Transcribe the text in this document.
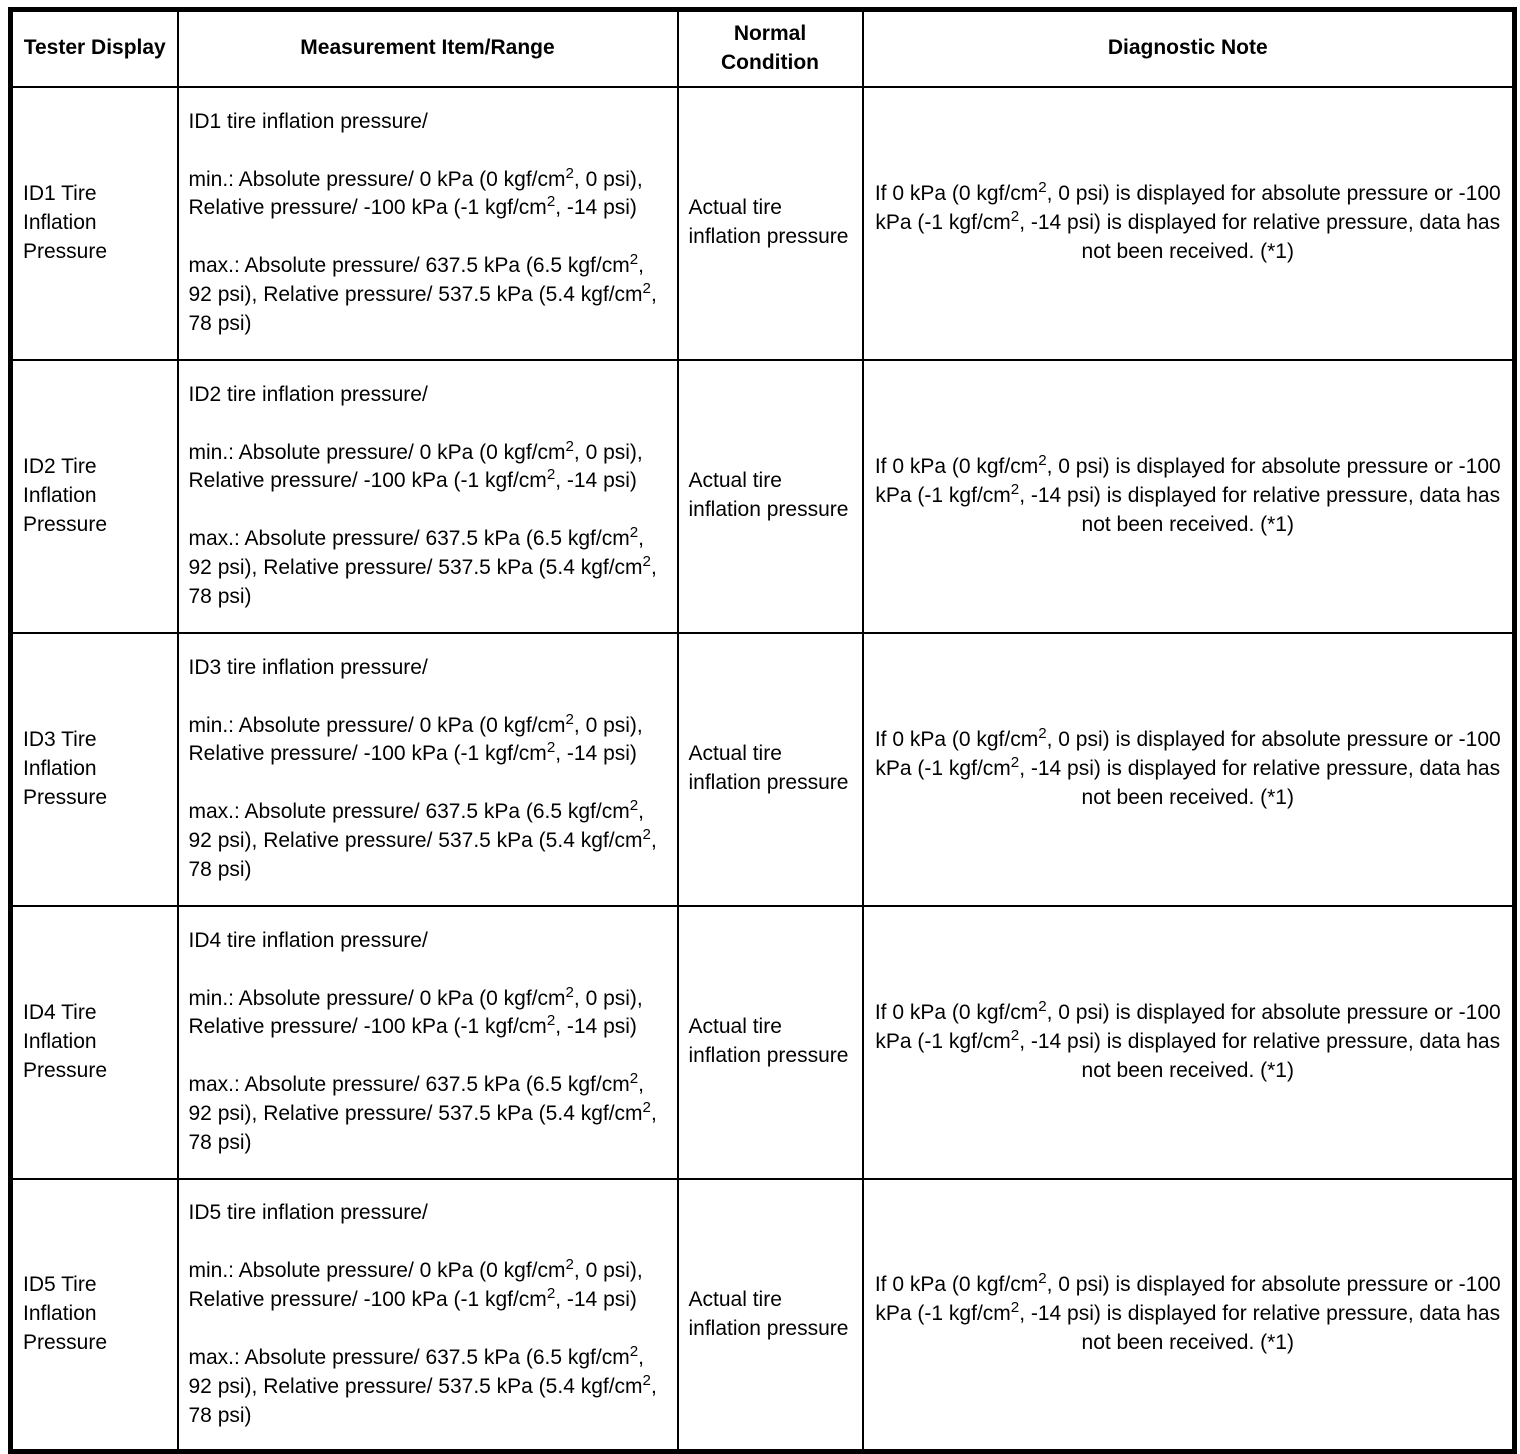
Tester Display	Measurement Item/Range	Normal Condition	Diagnostic Note
ID1 Tire Inflation Pressure	ID1 tire inflation pressure/
min.: Absolute pressure/ 0 kPa (0 kgf/$cm^2$, 0 psi), Relative pressure/ -100 kPa (-1 kgf/$cm^2$, -14 psi)
max.: Absolute pressure/ 637.5 kPa (6.5 kgf/$cm^2$, 92 psi), Relative pressure/ 537.5 kPa (5.4 kgf/$cm^2$, 78 psi)	Actual tire inflation pressure	If 0 kPa (0 kgf/$cm^2$, 0 psi) is displayed for absolute pressure or -100 kPa (-1 kgf/$cm^2$, -14 psi) is displayed for relative pressure, data has not been received. (*1)
ID2 Tire Inflation Pressure	ID2 tire inflation pressure/
min.: Absolute pressure/ 0 kPa (0 kgf/$cm^2$, 0 psi), Relative pressure/ -100 kPa (-1 kgf/$cm^2$, -14 psi)
max.: Absolute pressure/ 637.5 kPa (6.5 kgf/$cm^2$, 92 psi), Relative pressure/ 537.5 kPa (5.4 kgf/$cm^2$, 78 psi)	Actual tire inflation pressure	If 0 kPa (0 kgf/$cm^2$, 0 psi) is displayed for absolute pressure or -100 kPa (-1 kgf/$cm^2$, -14 psi) is displayed for relative pressure, data has not been received. (*1)
ID3 Tire Inflation Pressure	ID3 tire inflation pressure/
min.: Absolute pressure/ 0 kPa (0 kgf/$cm^2$, 0 psi), Relative pressure/ -100 kPa (-1 kgf/$cm^2$, -14 psi)
max.: Absolute pressure/ 637.5 kPa (6.5 kgf/$cm^2$, 92 psi), Relative pressure/ 537.5 kPa (5.4 kgf/$cm^2$, 78 psi)	Actual tire inflation pressure	If 0 kPa (0 kgf/$cm^2$, 0 psi) is displayed for absolute pressure or -100 kPa (-1 kgf/$cm^2$, -14 psi) is displayed for relative pressure, data has not been received. (*1)
ID4 Tire Inflation Pressure	ID4 tire inflation pressure/
min.: Absolute pressure/ 0 kPa (0 kgf/$cm^2$, 0 psi), Relative pressure/ -100 kPa (-1 kgf/$cm^2$, -14 psi)
max.: Absolute pressure/ 637.5 kPa (6.5 kgf/$cm^2$, 92 psi), Relative pressure/ 537.5 kPa (5.4 kgf/$cm^2$, 78 psi)	Actual tire inflation pressure	If 0 kPa (0 kgf/$cm^2$, 0 psi) is displayed for absolute pressure or -100 kPa (-1 kgf/$cm^2$, -14 psi) is displayed for relative pressure, data has not been received. (*1)
ID5 Tire Inflation Pressure	ID5 tire inflation pressure/
min.: Absolute pressure/ 0 kPa (0 kgf/$cm^2$, 0 psi), Relative pressure/ -100 kPa (-1 kgf/$cm^2$, -14 psi)
max.: Absolute pressure/ 637.5 kPa (6.5 kgf/$cm^2$, 92 psi), Relative pressure/ 537.5 kPa (5.4 kgf/$cm^2$, 78 psi)	Actual tire inflation pressure	If 0 kPa (0 kgf/$cm^2$, 0 psi) is displayed for absolute pressure or -100 kPa (-1 kgf/$cm^2$, -14 psi) is displayed for relative pressure, data has not been received. (*1)
